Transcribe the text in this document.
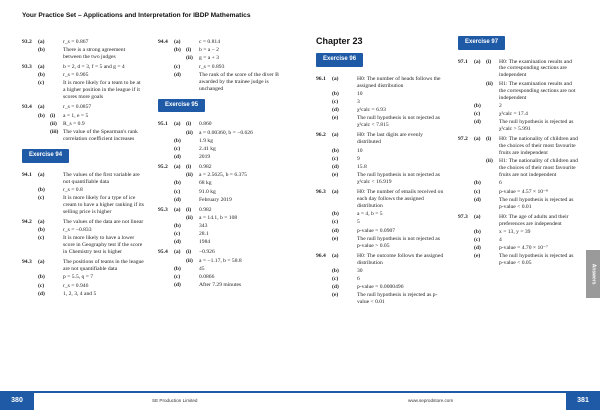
Your Practice Set – Applications and Interpretation for IBDP Mathematics
93.2	(a)	r_s = 0.867
(b)	There is a strong agreement between the two judges
93.3	(a)	b = 2, d = 3, f = 5 and g = 4
(b)	r_s = 0.905
(c)	It is more likely for a team to be at a higher position in the league if it scores more goals
93.4	(a)	r_s = 0.0857
(b) (i)	a = 1, e = 5
(ii)	R_s = 0.9
(iii) The value of the Spearman's rank correlation coefficient increases
Exercise 94
94.1	(a)	The values of the first variable are not quantifiable data
(b)	r_s = 0.8
(c)	It is more likely for a type of ice cream to have a higher ranking if its selling price is higher
94.2	(a)	The values of the data are not linear
(b)	r_s = −0.833
(c)	It is more likely to have a lower score in Geography test if the score in Chemistry test is higher
94.3	(a)	The positions of teams in the league are not quantifiable data
(b)	p = 5.5, q = 7
(c)	r_s = 0.946
(d)	1, 2, 3, 4 and 5
94.4	(a)	c = 0.814
(b) (i)	b = a − 2
(ii)	g = a + 3
(c)	r_s = 0.893
(d)	The rank of the score of the diver B awarded by the trainee judge is unchanged
Exercise 95
95.1	(a) (i)	0.860
(ii)	a = 0.00360, b = −0.626
(b)	1.9 kg
(c)	2.41 kg
(d)	2019
95.2	(a) (i)	0.982
(ii)	a = 2.5625, b = 6.375
(b)	68 kg
(c)	91.0 kg
(d)	February 2019
95.3	(a) (i)	0.982
(ii)	a = 14.1, b = 108
(b)	343
(c)	28.1
(d)	1984
95.4	(a) (i)	−0.926
(ii)	a = −1.17, b = 58.8
(b)	45
(c)	0.0866
(d)	After 7.29 minutes
Chapter 23
Exercise 96
96.1	(a)	H0: The number of heads follows the assigned distribution
(b)	10
(c)	3
(d)	χ²calc = 6.93
(e)	The null hypothesis is not rejected as χ²calc < 7.815
96.2	(a)	H0: The last digits are evenly distributed
(b)	10
(c)	9
(d)	15.8
(e)	The null hypothesis is not rejected as χ²calc < 16.919
96.3	(a)	H0: The number of emails received on each day follows the assigned distribution
(b)	a = 4, b = 5
(c)	5
(d)	p-value = 0.0907
(e)	The null hypothesis is not rejected as p-value > 0.05
96.4	(a)	H0: The outcome follows the assigned distribution
(b)	30
(c)	6
(d)	p-value = 0.0000496
(e)	The null hypothesis is rejected as p-value < 0.01
Exercise 97
97.1	(a) (i)	H0: The examination results and the corresponding sections are independent
(ii)	H1: The examination results and the corresponding sections are not independent
(b)	2
(c)	χ²calc = 17.4
(d)	The null hypothesis is rejected as χ²calc > 5.991
97.2	(a) (i)	H0: The nationality of children and the choices of their most favourite fruits are independent
(ii)	H1: The nationality of children and the choices of their most favourite fruits are not independent
(b)	6
(c)	p-value = 4.57 × 10⁻⁸
(d)	The null hypothesis is rejected as p-value < 0.01
97.3	(a)	H0: The age of adults and their preferences are independent
(b)	x = 13, y = 39
(c)	4
(d)	p-value = 4.70 × 10⁻⁷
(e)	The null hypothesis is rejected as p-value < 0.05
Answers
380	381
SE Production Limited	www.seprodstore.com
